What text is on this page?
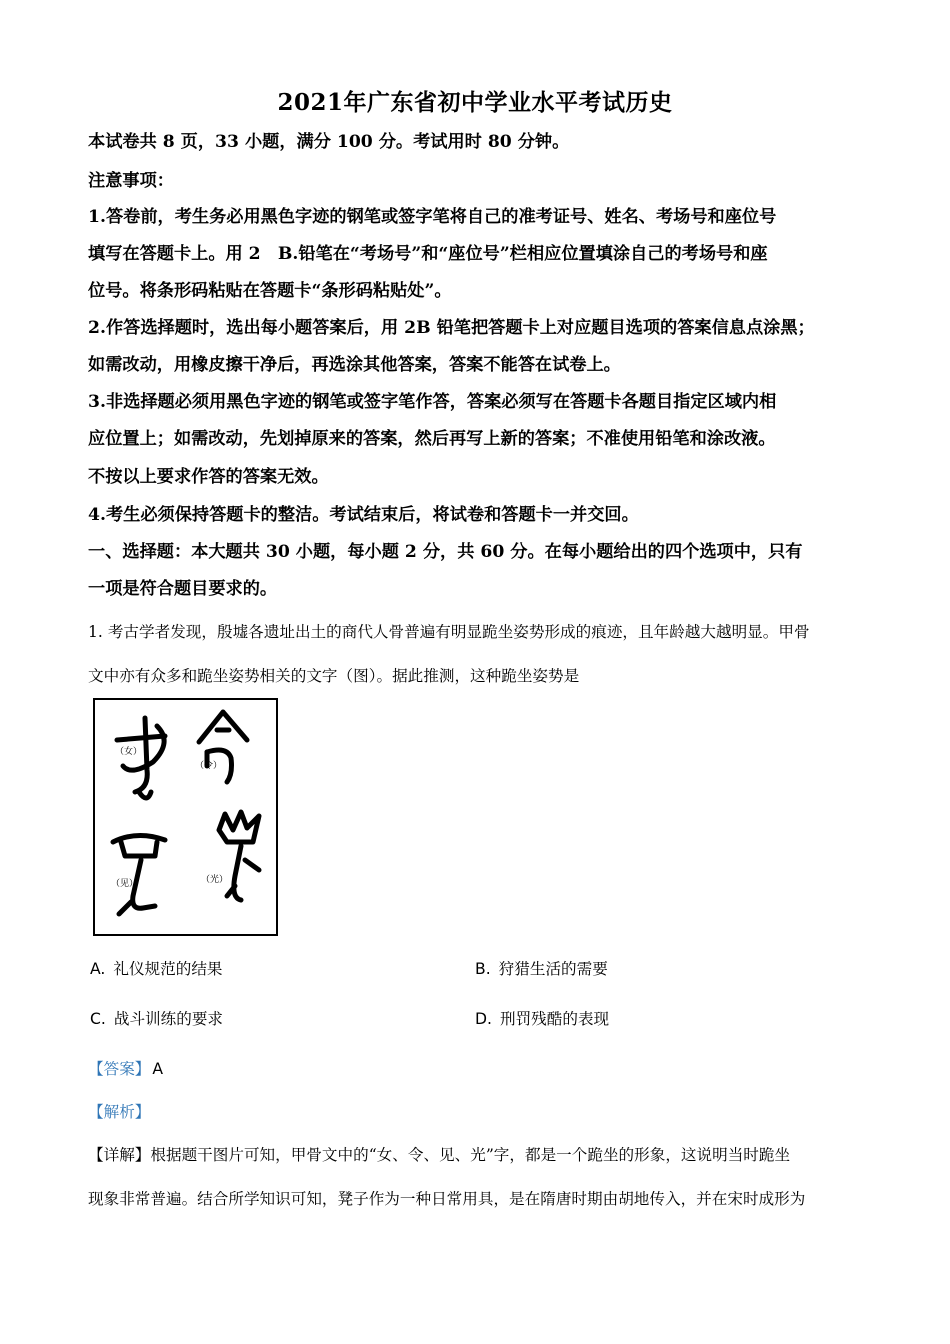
2021年广东省初中学业水平考试历史
本试卷共 8 页，33 小题，满分 100 分。考试用时 80 分钟。
注意事项：
1.答卷前，考生务必用黑色字迹的钢笔或签字笔将自己的准考证号、姓名、考场号和座位号
填写在答题卡上。用 2　B.铅笔在“考场号”和“座位号”栏相应位置填涂自己的考场号和座
位号。将条形码粘贴在答题卡“条形码粘贴处”。
2.作答选择题时，选出每小题答案后，用 2B 铅笔把答题卡上对应题目选项的答案信息点涂黑；
如需改动，用橡皮擦干净后，再选涂其他答案，答案不能答在试卷上。
3.非选择题必须用黑色字迹的钢笔或签字笔作答，答案必须写在答题卡各题目指定区域内相
应位置上；如需改动，先划掉原来的答案，然后再写上新的答案；不准使用铅笔和涂改液。
不按以上要求作答的答案无效。
4.考生必须保持答题卡的整洁。考试结束后，将试卷和答题卡一并交回。
一、选择题：本大题共 30 小题，每小题 2 分，共 60 分。在每小题给出的四个选项中，只有
一项是符合题目要求的。
1. 考古学者发现，殷墟各遗址出土的商代人骨普遍有明显跪坐姿势形成的痕迹，且年龄越大越明显。甲骨
文中亦有众多和跪坐姿势相关的文字（图）。据此推测，这种跪坐姿势是
（女）
（令）
（见）	（光）
A. 礼仪规范的结果	B. 狩猎生活的需要
C. 战斗训练的要求	D. 刑罚残酷的表现
【答案】 A
【解析】
【详解】根据题干图片可知，甲骨文中的“女、令、见、光”字，都是一个跪坐的形象，这说明当时跪坐
现象非常普遍。结合所学知识可知，凳子作为一种日常用具，是在隋唐时期由胡地传入，并在宋时成形为
